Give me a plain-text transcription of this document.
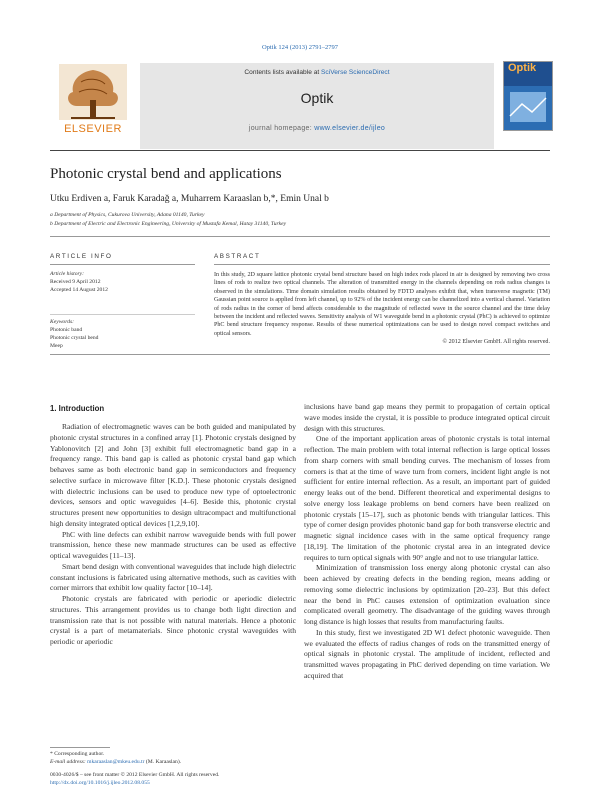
Optik 124 (2013) 2791–2797
ELSEVIER
Contents lists available at SciVerse ScienceDirect
Optik
journal homepage: www.elsevier.de/ijleo
Optik
Photonic crystal bend and applications
Utku Erdiven a, Faruk Karadağ a, Muharrem Karaaslan b,*, Emin Unal b
a Department of Physics, Cukurova University, Adana 01140, Turkey
b Department of Electric and Electronic Engineering, University of Mustafa Kemal, Hatay 31140, Turkey
ARTICLE INFO
Article history:
Received 9 April 2012
Accepted 14 August 2012
Keywords:
Photonic band
Photonic crystal bend
Meep
ABSTRACT
In this study, 2D square lattice photonic crystal bend structure based on high index rods placed in air is designed by removing two cross lines of rods to realize two optical channels. The alteration of transmitted energy in the channels depending on rods radius changes is observed in the simulations. Time domain simulation results obtained by FDTD analyses exhibit that, when transverse magnetic (TM) Gaussian point source is applied from left channel, up to 92% of the incident energy can be channelized into a vertical channel. Variation of rods radius in the corner of bend affects considerable to the magnitude of reflected wave in the source channel and the time delay between the incident and reflected waves. Sensitivity analysis of W1 waveguide bend in a photonic crystal (PhC) is achieved to optimize PhC bend structure frequency response. Results of these numerical optimizations can be used to design novel compact switches and optical sensors.
© 2012 Elsevier GmbH. All rights reserved.
1. Introduction

Radiation of electromagnetic waves can be both guided and manipulated by photonic crystal structures in a confined array [1]. Photonic crystals designed by Yablonovitch [2] and John [3] exhibit full electromagnetic band gap in a frequency range. This band gap is called as photonic crystal band gap which behaves same as both electronic band gap in semiconductors and frequency selective surface in microwave filter [K.D.]. These photonic crystals designed with dielectric inclusions can be used to produce new type of optoelectronic devices, sensors and optic waveguides [4–6]. Beside this, photonic crystal structures present new opportunities to design ultracompact and multifunctional high density integrated optical devices [1,2,9,10].

PhC with line defects can exhibit narrow waveguide bends with full power transmission, hence these new manmade structures can be used as effective optical waveguides [11–13].

Smart bend design with conventional waveguides that include high dielectric constant inclusions is fabricated using alternative methods, such as cavities with corner mirrors that exhibit low quality factor [10–14].

Photonic crystals are fabricated with periodic or aperiodic dielectric structures. This arrangement provides us to change both light direction and transmission rate that is not possible with natural materials. Hence a photonic crystal is a part of metamaterials. Since photonic crystal waveguides with periodic or aperiodic

inclusions have band gap means they permit to propagation of certain optical wave modes inside the crystal, it is possible to produce integrated optical circuit design with this structures.

One of the important application areas of photonic crystals is total internal reflection. The main problem with total internal reflection is large optical losses from sharp corners with small bending curves. The mechanism of losses from corners is that at the time of wave turn from corners, incident light angle is not sufficient for entire internal reflection. As a result, an important part of guided energy leaks out of the bend. Different theoretical and experimental designs to solve energy loss leakage problems on bend corners have been realized on photonic crystals [15–17], such as photonic bends with triangular lattices. This type of corner design provides photonic band gap for both transverse electric and magnetic signal incidence cases with in the same optical frequency range [18,19]. The limitation of the photonic crystal area in an integrated device requires to turn optical signals with 90° angle and not to use triangular lattice.

Minimization of transmission loss energy along photonic crystal can also been achieved by creating defects in the bending region, means adding or removing some dielectric inclusions by optimization [20–23]. But this defect near the bend in PhC causes extension of optimization evaluation since complicated overall geometry. The disadvantage of the guiding waves through long distance is high losses that results from manufacturing faults.

In this study, first we investigated 2D W1 defect photonic waveguide. Then we evaluated the effects of radius changes of rods on the transmitted energy of optical signals in photonic crystal. The amplitude of incident, reflected and transmitted waves propagating in PhC derived depending on time variation. We acquired that

* Corresponding author.
E-mail address: mkaraaslan@mkeu.edu.tr (M. Karaaslan).
0030-4026/$ – see front matter © 2012 Elsevier GmbH. All rights reserved.
http://dx.doi.org/10.1016/j.ijleo.2012.08.055
